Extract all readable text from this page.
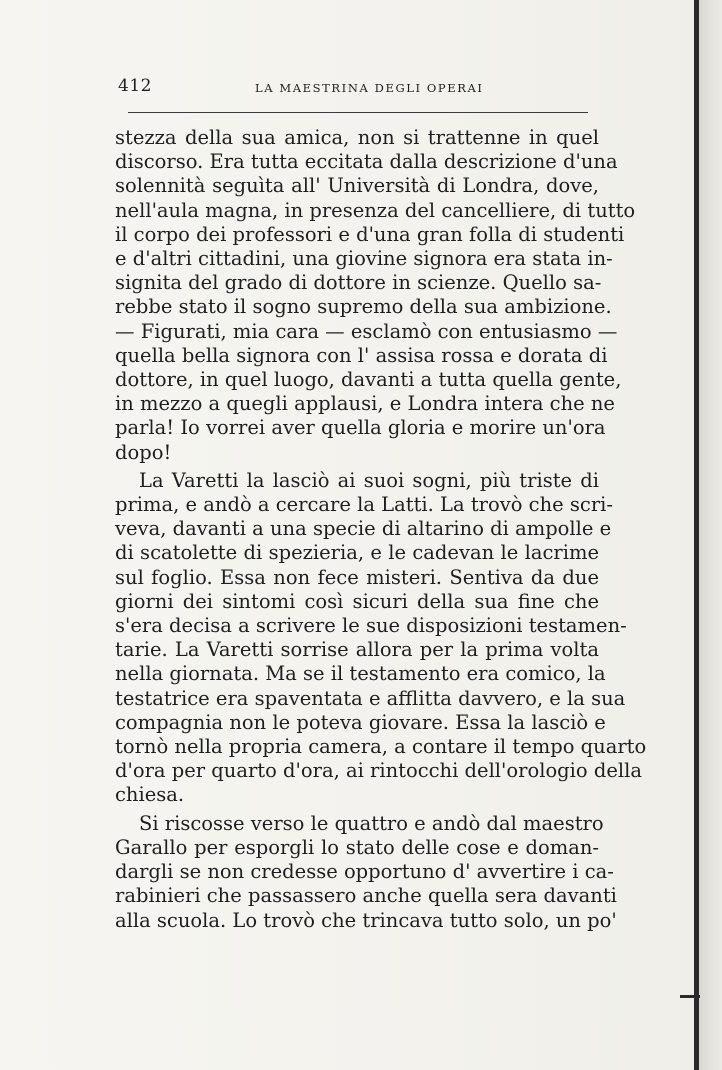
412	LA MAESTRINA DEGLI OPERAI
stezza della sua amica, non si trattenne in quel
discorso. Era tutta eccitata dalla descrizione d'una
solennità seguìta all' Università di Londra, dove,
nell'aula magna, in presenza del cancelliere, di tutto
il corpo dei professori e d'una gran folla di studenti
e d'altri cittadini, una giovine signora era stata in-
signita del grado di dottore in scienze. Quello sa-
rebbe stato il sogno supremo della sua ambizione.
— Figurati, mia cara — esclamò con entusiasmo —
quella bella signora con l' assisa rossa e dorata di
dottore, in quel luogo, davanti a tutta quella gente,
in mezzo a quegli applausi, e Londra intera che ne
parla! Io vorrei aver quella gloria e morire un'ora
dopo!
La Varetti la lasciò ai suoi sogni, più triste di
prima, e andò a cercare la Latti. La trovò che scri-
veva, davanti a una specie di altarino di ampolle e
di scatolette di spezieria, e le cadevan le lacrime
sul foglio. Essa non fece misteri. Sentiva da due
giorni dei sintomi così sicuri della sua fine che
s'era decisa a scrivere le sue disposizioni testamen-
tarie. La Varetti sorrise allora per la prima volta
nella giornata. Ma se il testamento era comico, la
testatrice era spaventata e afflitta davvero, e la sua
compagnia non le poteva giovare. Essa la lasciò e
tornò nella propria camera, a contare il tempo quarto
d'ora per quarto d'ora, ai rintocchi dell'orologio della
chiesa.
Si riscosse verso le quattro e andò dal maestro
Garallo per esporgli lo stato delle cose e doman-
dargli se non credesse opportuno d' avvertire i ca-
rabinieri che passassero anche quella sera davanti
alla scuola. Lo trovò che trincava tutto solo, un po'
